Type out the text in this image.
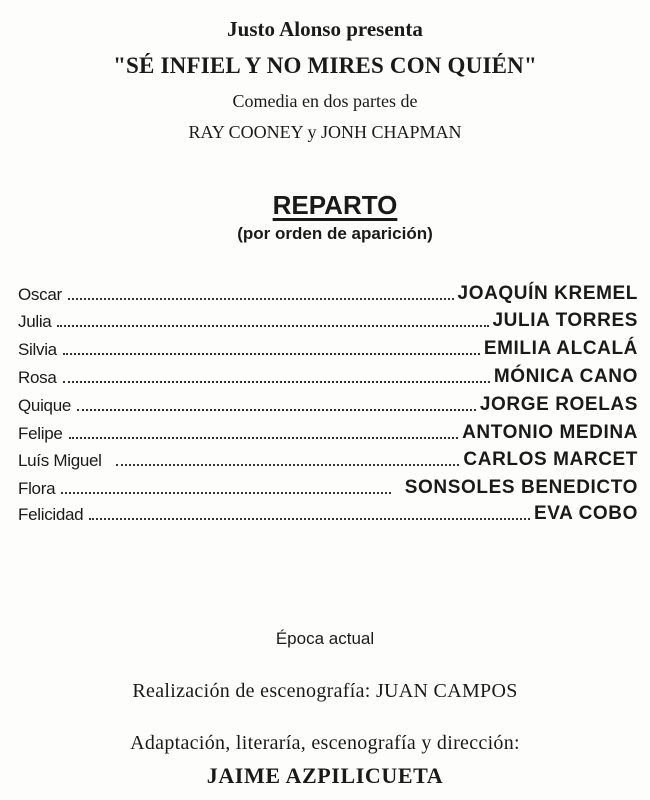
Justo Alonso presenta
"SÉ INFIEL Y NO MIRES CON QUIÉN"
Comedia en dos partes de
RAY COONEY y JONH CHAPMAN
REPARTO
(por orden de aparición)
Oscar	JOAQUÍN KREMEL
Julia	JULIA TORRES
Silvia	EMILIA ALCALÁ
Rosa	MÓNICA CANO
Quique	JORGE ROELAS
Felipe	ANTONIO MEDINA
Luís Miguel	CARLOS MARCET
Flora	SONSOLES BENEDICTO
Felicidad	EVA COBO
Época actual
Realización de escenografía: JUAN CAMPOS
Adaptación, literaría, escenografía y dirección:
JAIME AZPILICUETA
